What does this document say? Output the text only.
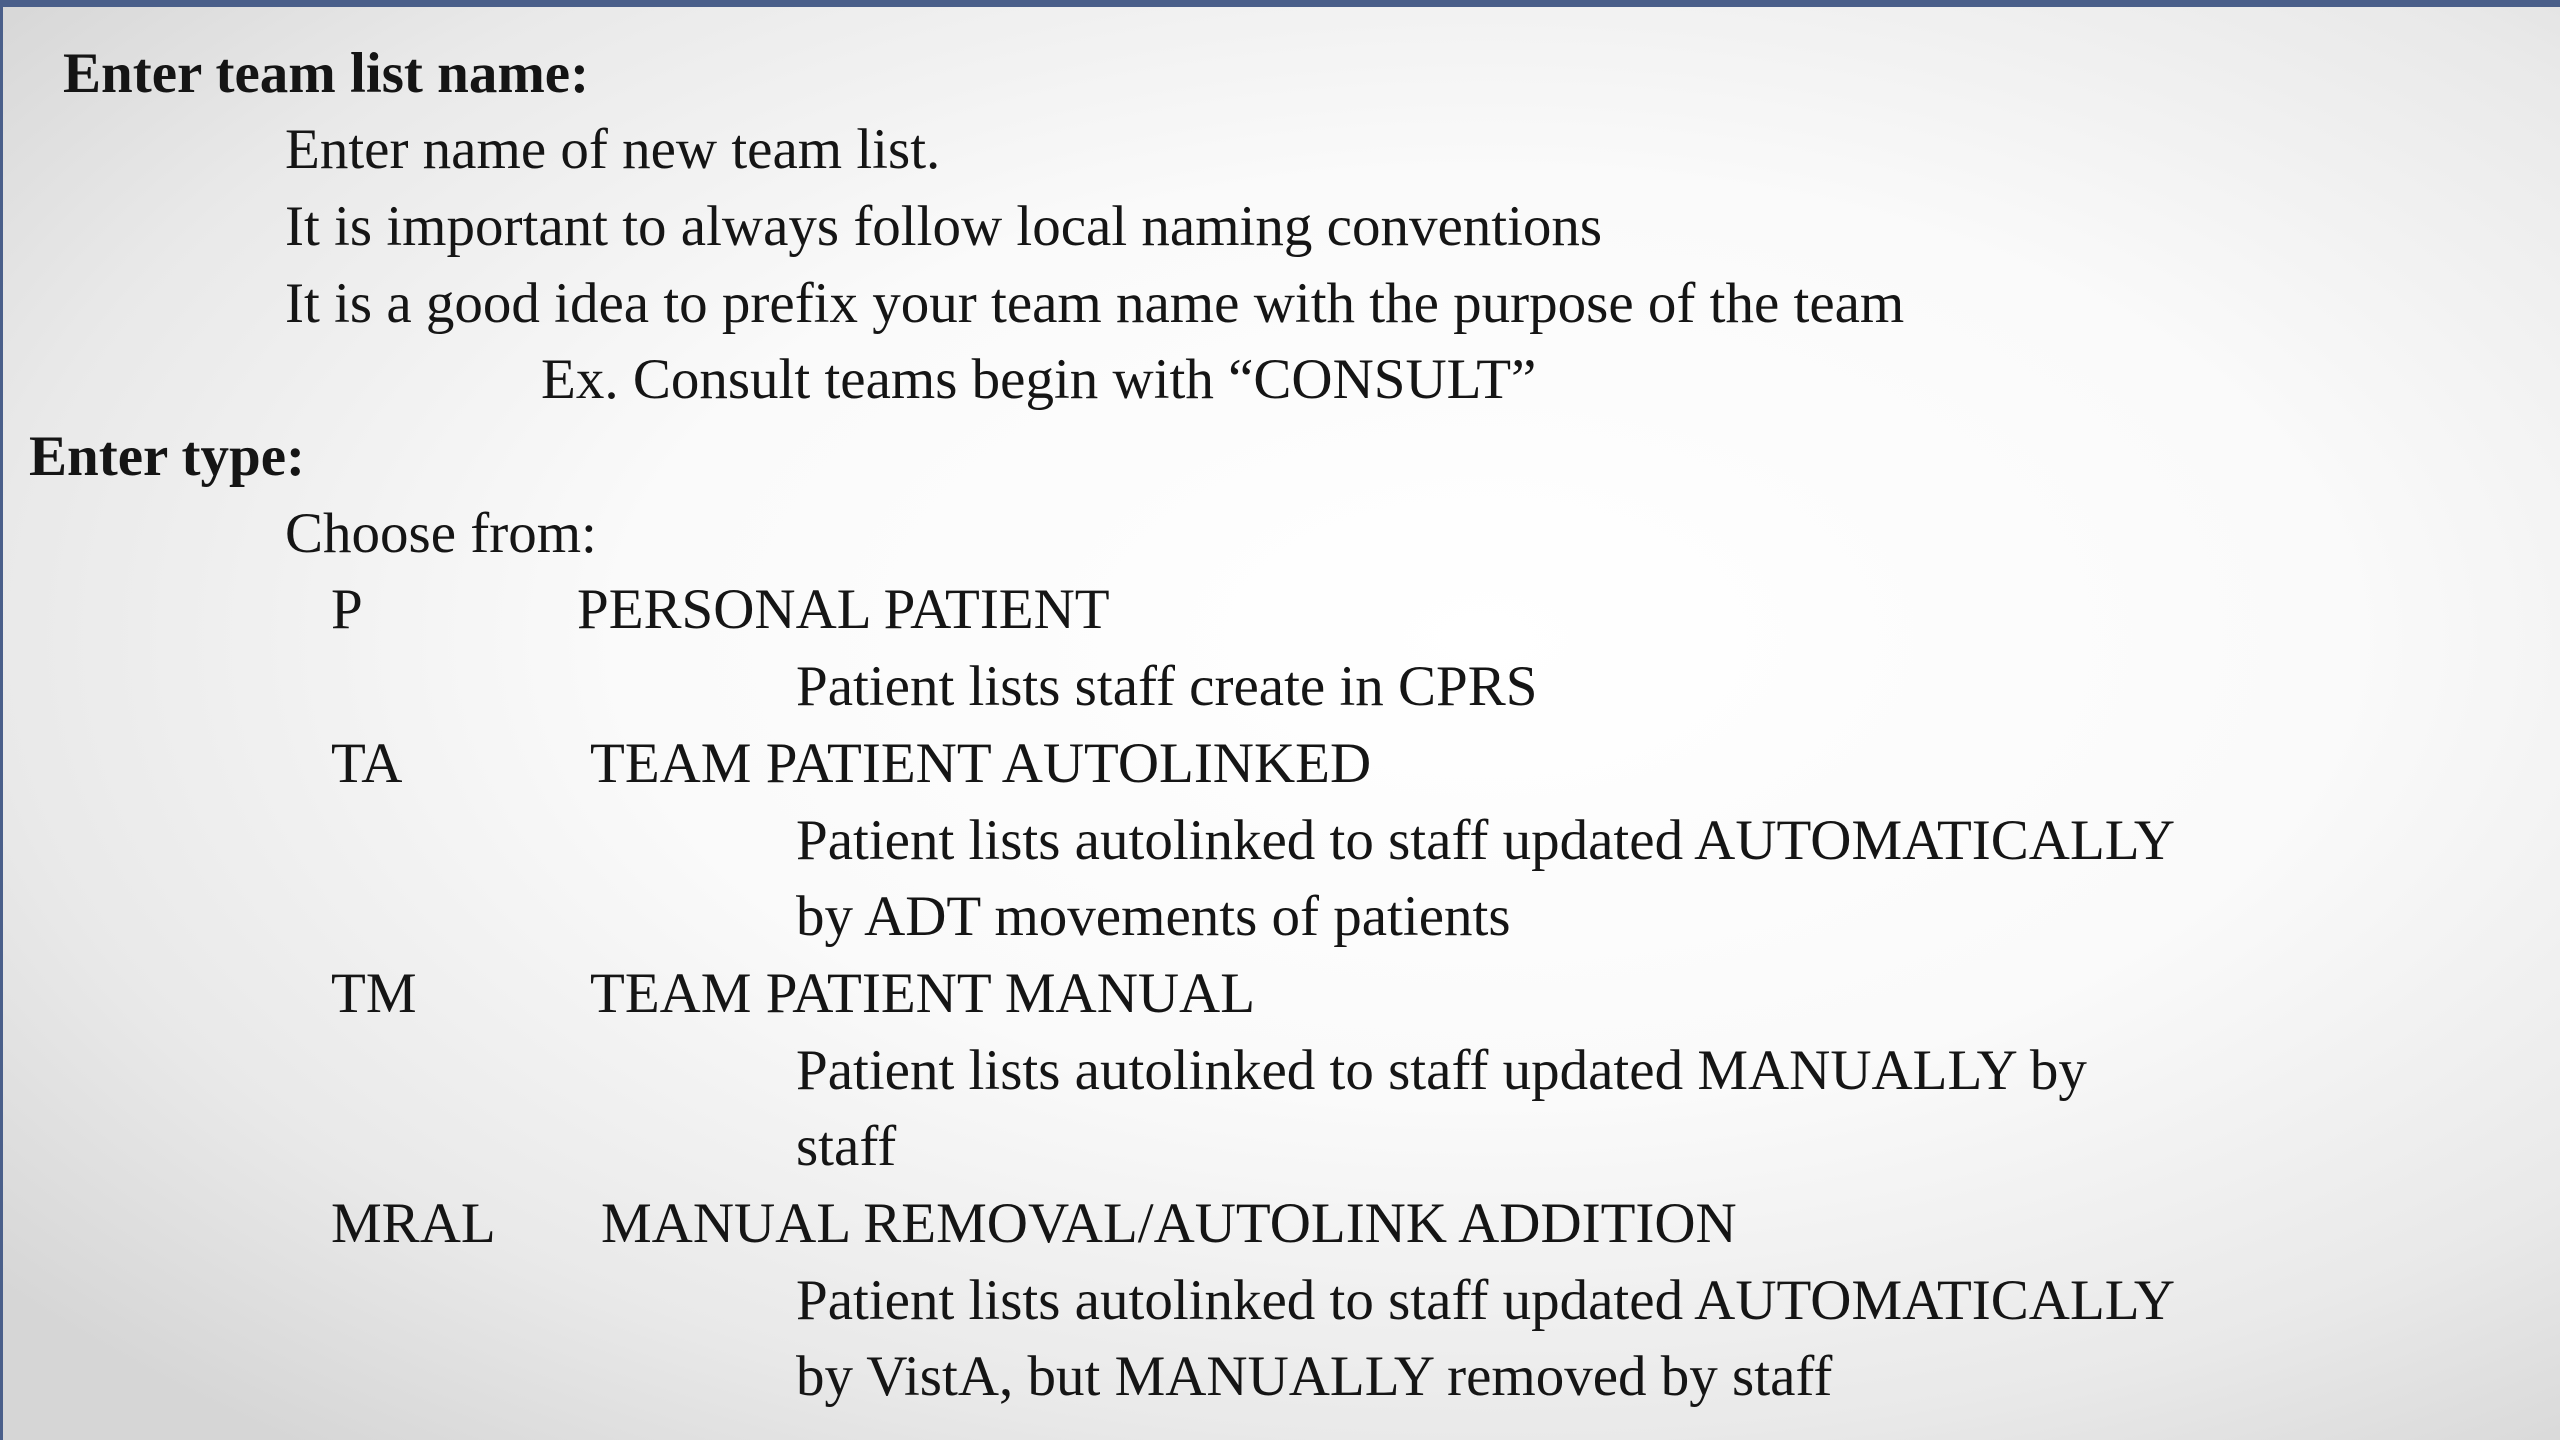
Enter team list name:
Enter name of new team list.
It is important to always follow local naming conventions
It is a good idea to prefix your team name with the purpose of the team
Ex. Consult teams begin with “CONSULT”
Enter type:
Choose from:
P	PERSONAL PATIENT
Patient lists staff create in CPRS
TA	TEAM PATIENT AUTOLINKED
Patient lists autolinked to staff updated AUTOMATICALLY
by ADT movements of patients
TM	TEAM PATIENT MANUAL
Patient lists autolinked to staff updated MANUALLY by
staff
MRAL MANUAL REMOVAL/AUTOLINK ADDITION
Patient lists autolinked to staff updated AUTOMATICALLY
by VistA, but MANUALLY removed by staff
